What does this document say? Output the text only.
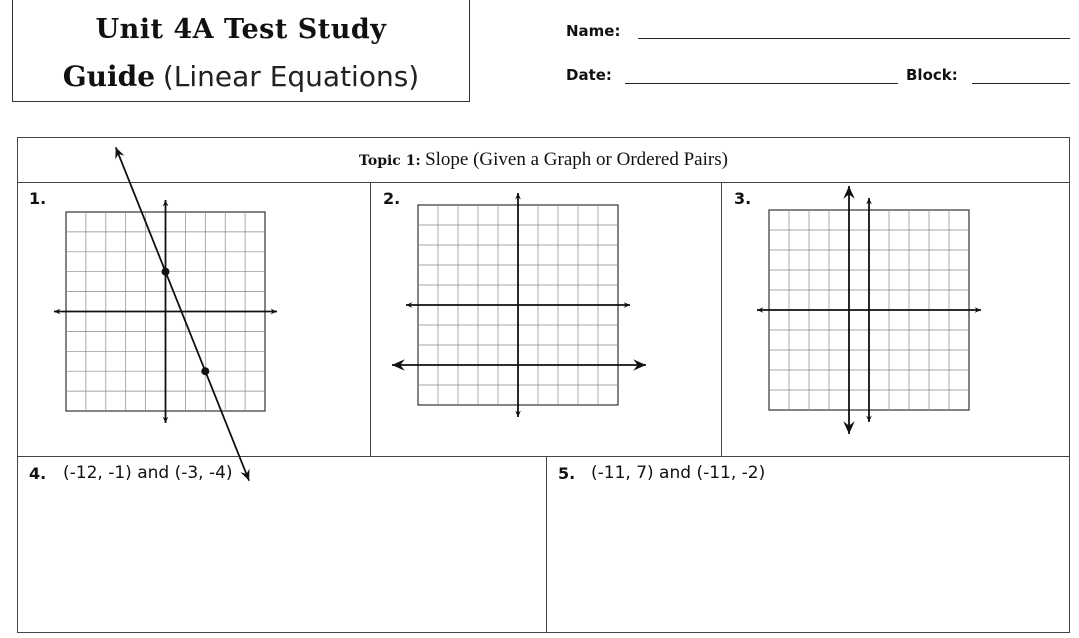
Unit 4A Test Study
Guide (Linear Equations)
Name:
Date:	Block:
Topic 1: Slope (Given a Graph or Ordered Pairs)
1.	2.	3.
4. (-12, -1) and (-3, -4)	5. (-11, 7) and (-11, -2)
